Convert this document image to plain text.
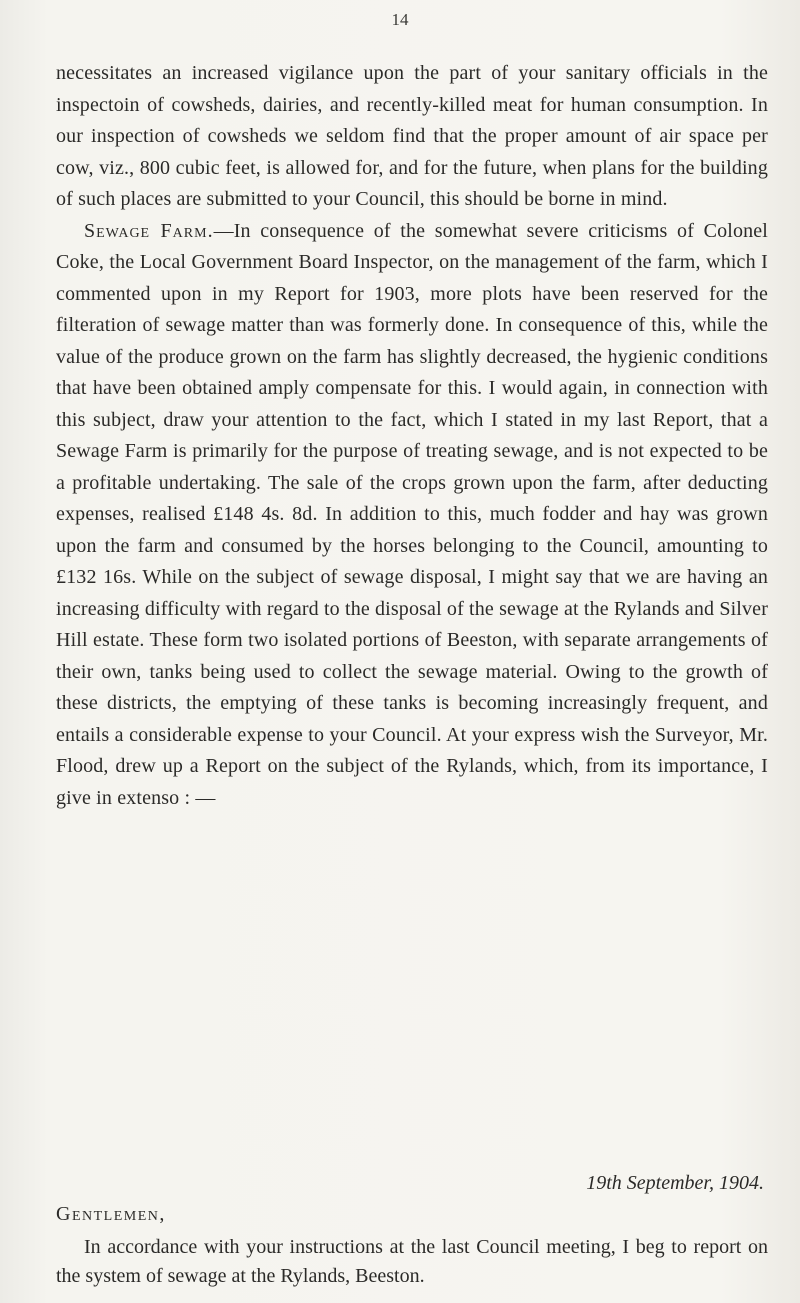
14

necessitates an increased vigilance upon the part of your sanitary officials in the inspectoin of cowsheds, dairies, and recently-killed meat for human consumption. In our inspection of cowsheds we seldom find that the proper amount of air space per cow, viz., 800 cubic feet, is allowed for, and for the future, when plans for the building of such places are submitted to your Council, this should be borne in mind.

Sewage Farm.—In consequence of the somewhat severe criticisms of Colonel Coke, the Local Government Board Inspector, on the management of the farm, which I commented upon in my Report for 1903, more plots have been reserved for the filteration of sewage matter than was formerly done. In consequence of this, while the value of the produce grown on the farm has slightly decreased, the hygienic conditions that have been obtained amply compensate for this. I would again, in connection with this subject, draw your attention to the fact, which I stated in my last Report, that a Sewage Farm is primarily for the purpose of treating sewage, and is not expected to be a profitable undertaking. The sale of the crops grown upon the farm, after deducting expenses, realised £148 4s. 8d. In addition to this, much fodder and hay was grown upon the farm and consumed by the horses belonging to the Council, amounting to £132 16s. While on the subject of sewage disposal, I might say that we are having an increasing difficulty with regard to the disposal of the sewage at the Rylands and Silver Hill estate. These form two isolated portions of Beeston, with separate arrangements of their own, tanks being used to collect the sewage material. Owing to the growth of these districts, the emptying of these tanks is becoming increasingly frequent, and entails a considerable expense to your Council. At your express wish the Surveyor, Mr. Flood, drew up a Report on the subject of the Rylands, which, from its importance, I give in extenso : —

19th September, 1904.
Gentlemen,

In accordance with your instructions at the last Council meeting, I beg to report on the system of sewage at the Rylands, Beeston.
